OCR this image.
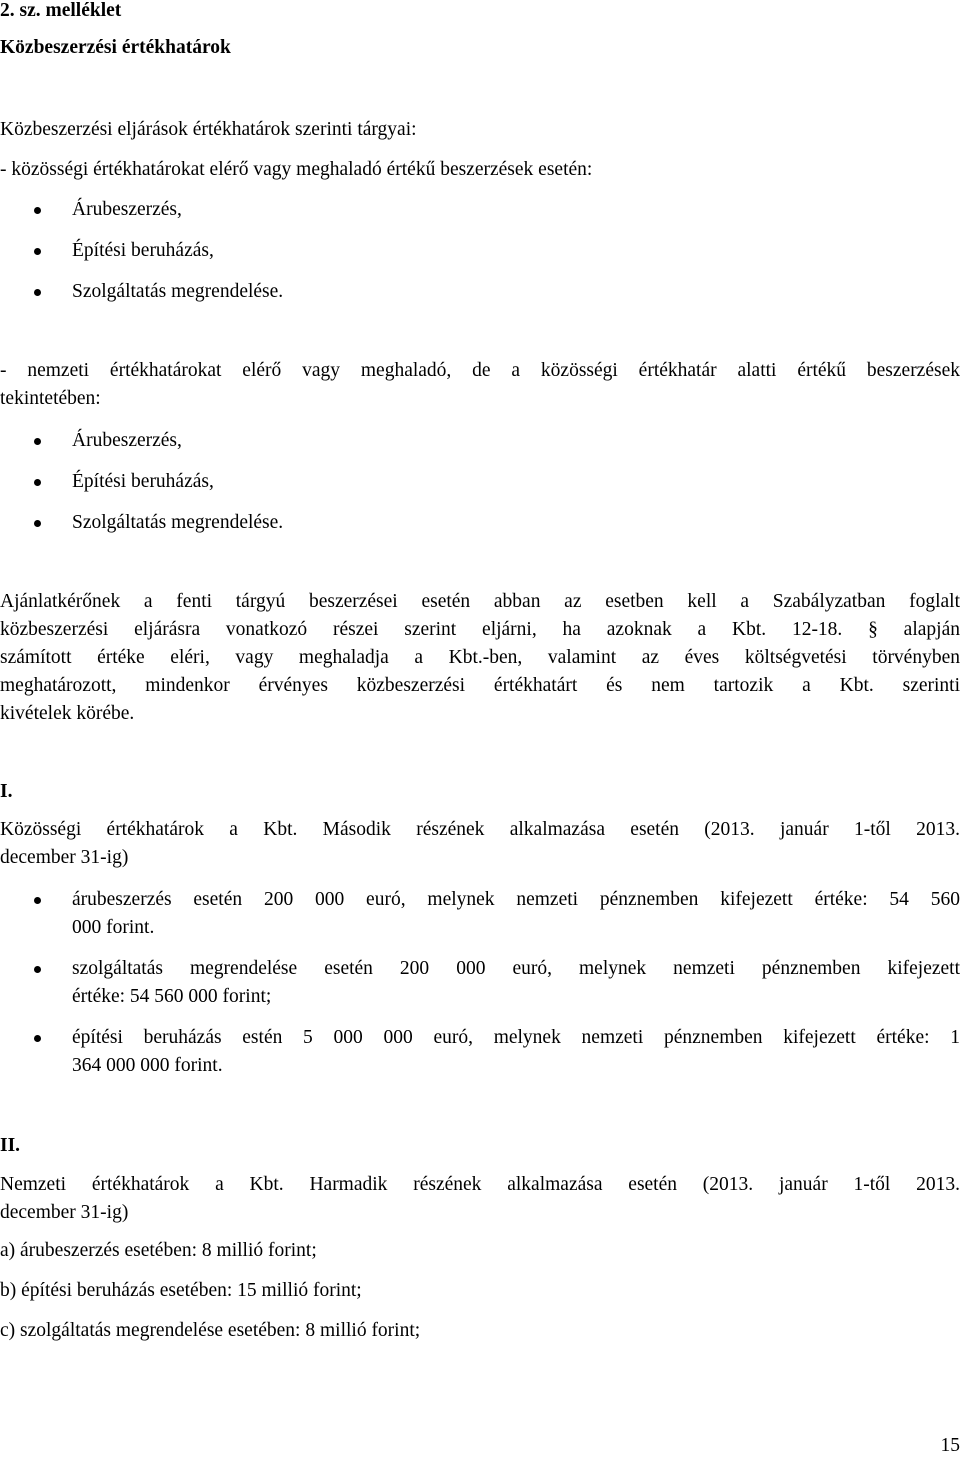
2. sz. melléklet

Közbeszerzési értékhatárok

Közbeszerzési eljárások értékhatárok szerinti tárgyai:

- közösségi értékhatárokat elérő vagy meghaladó értékű beszerzések esetén:

Árubeszerzés,
Építési beruházás,
Szolgáltatás megrendelése.
- nemzeti értékhatárokat elérő vagy meghaladó, de a közösségi értékhatár alatti értékű beszerzések
tekintetében:
Árubeszerzés,
Építési beruházás,
Szolgáltatás megrendelése.
Ajánlatkérőnek a fenti tárgyú beszerzései esetén abban az esetben kell a Szabályzatban foglalt
közbeszerzési eljárásra vonatkozó részei szerint eljárni, ha azoknak a Kbt. 12-18. § alapján
számított értéke eléri, vagy meghaladja a Kbt.-ben, valamint az éves költségvetési törvényben
meghatározott, mindenkor érvényes közbeszerzési értékhatárt és nem tartozik a Kbt. szerinti
kivételek körébe.

I.

Közösségi értékhatárok a Kbt. Második részének alkalmazása esetén (2013. január 1-től 2013.
december 31-ig)
árubeszerzés esetén 200 000 euró, melynek nemzeti pénznemben kifejezett értéke: 54 560
000 forint.
szolgáltatás megrendelése esetén 200 000 euró, melynek nemzeti pénznemben kifejezett
értéke: 54 560 000 forint;
építési beruházás estén 5 000 000 euró, melynek nemzeti pénznemben kifejezett értéke: 1
364 000 000 forint.

II.

Nemzeti értékhatárok a Kbt. Harmadik részének alkalmazása esetén (2013. január 1-től 2013.
december 31-ig)

a) árubeszerzés esetében: 8 millió forint;

b) építési beruházás esetében: 15 millió forint;

c) szolgáltatás megrendelése esetében: 8 millió forint;

15
